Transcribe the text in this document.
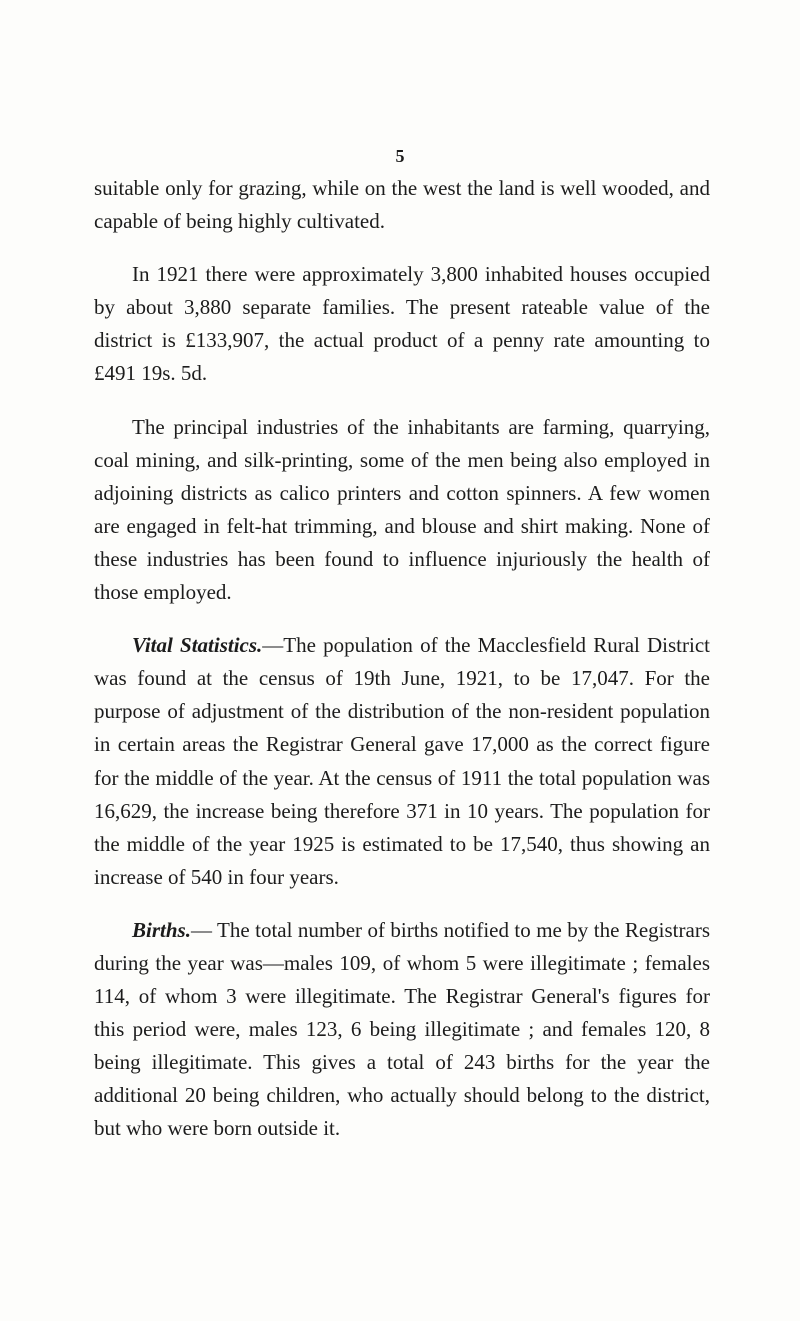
5

suitable only for grazing, while on the west the land is well wooded, and capable of being highly cultivated.

In 1921 there were approximately 3,800 inhabited houses occupied by about 3,880 separate families. The present rateable value of the district is £133,907, the actual product of a penny rate amounting to £491 19s. 5d.

The principal industries of the inhabitants are farming, quarrying, coal mining, and silk-printing, some of the men being also employed in adjoining districts as calico printers and cotton spinners. A few women are engaged in felt-hat trimming, and blouse and shirt making. None of these industries has been found to influence injuriously the health of those employed.

Vital Statistics.—The population of the Macclesfield Rural District was found at the census of 19th June, 1921, to be 17,047. For the purpose of adjustment of the distribution of the non-resident population in certain areas the Registrar General gave 17,000 as the correct figure for the middle of the year. At the census of 1911 the total population was 16,629, the increase being therefore 371 in 10 years. The population for the middle of the year 1925 is estimated to be 17,540, thus showing an increase of 540 in four years.

Births.— The total number of births notified to me by the Registrars during the year was—males 109, of whom 5 were illegitimate ; females 114, of whom 3 were illegitimate. The Registrar General's figures for this period were, males 123, 6 being illegitimate ; and females 120, 8 being illegitimate. This gives a total of 243 births for the year the additional 20 being children, who actually should belong to the district, but who were born outside it.
